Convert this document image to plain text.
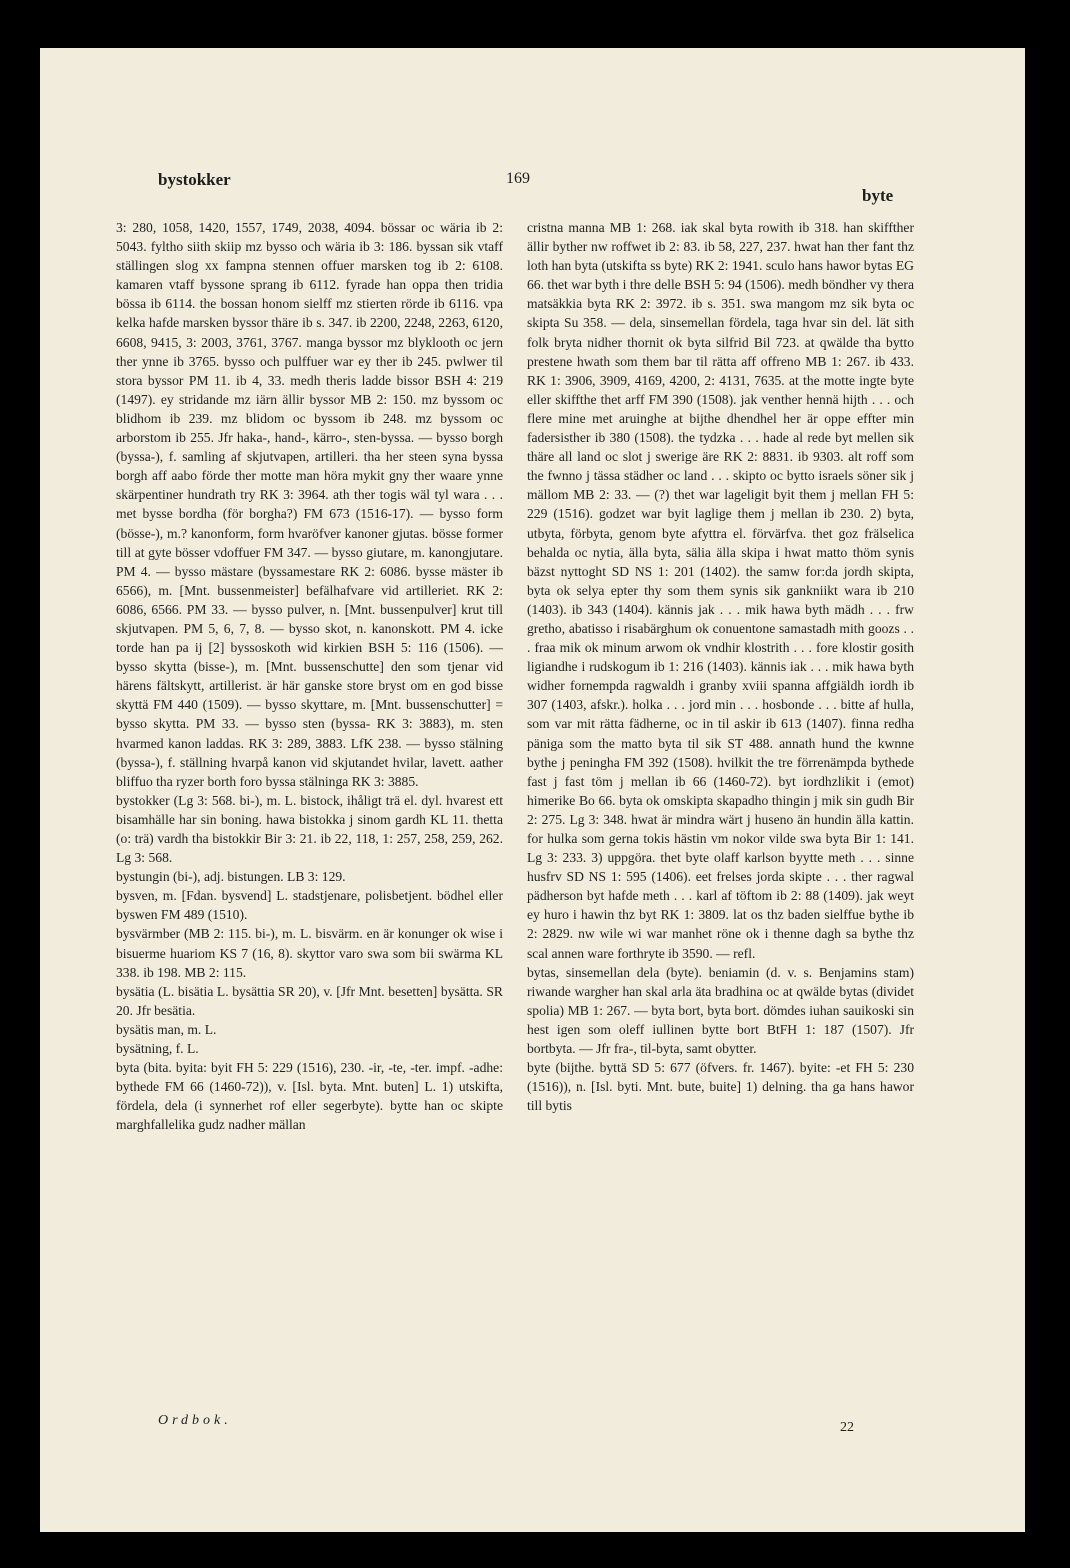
bystokker	169
byte

3: 280, 1058, 1420, 1557, 1749, 2038, 4094. bössar oc wäria ib 2: 5043. fyltho siith skiip mz bysso och wäria ib 3: 186. byssan sik vtaff ställingen slog xx fampna stennen offuer marsken tog ib 2: 6108. kamaren vtaff byssone sprang ib 6112. fyrade han oppa then tridia bössa ib 6114. the bossan honom sielff mz stierten rörde ib 6116. vpa kelka hafde marsken byssor thäre ib s. 347. ib 2200, 2248, 2263, 6120, 6608, 9415, 3: 2003, 3761, 3767. manga byssor mz blyklooth oc jern ther ynne ib 3765. bysso och pulffuer war ey ther ib 245. pwlwer til stora byssor PM 11. ib 4, 33. medh theris ladde bissor BSH 4: 219 (1497). ey stridande mz iärn ällir byssor MB 2: 150. mz byssom oc blidhom ib 239. mz blidom oc byssom ib 248. mz byssom oc arborstom ib 255. Jfr haka-, hand-, kärro-, sten-byssa. — bysso borgh (byssa-), f. samling af skjutvapen, artilleri. tha her steen syna byssa borgh aff aabo förde ther motte man höra mykit gny ther waare ynne skärpentiner hundrath try RK 3: 3964. ath ther togis wäl tyl wara . . . met bysse bordha (för borgha?) FM 673 (1516-17). — bysso form (bösse-), m.? kanonform, form hvaröfver kanoner gjutas. bösse former till at gyte bösser vdoffuer FM 347. — bysso giutare, m. kanongjutare. PM 4. — bysso mästare (byssamestare RK 2: 6086. bysse mäster ib 6566), m. [Mnt. bussenmeister] befälhafvare vid artilleriet. RK 2: 6086, 6566. PM 33. — bysso pulver, n. [Mnt. bussenpulver] krut till skjutvapen. PM 5, 6, 7, 8. — bysso skot, n. kanonskott. PM 4. icke torde han pa ij [2] byssoskoth wid kirkien BSH 5: 116 (1506). — bysso skytta (bisse-), m. [Mnt. bussenschutte] den som tjenar vid härens fältskytt, artillerist. är här ganske store bryst om en god bisse skyttä FM 440 (1509). — bysso skyttare, m. [Mnt. bussenschutter] = bysso skytta. PM 33. — bysso sten (byssa- RK 3: 3883), m. sten hvarmed kanon laddas. RK 3: 289, 3883. LfK 238. — bysso stälning (byssa-), f. ställning hvarpå kanon vid skjutandet hvilar, lavett. aather bliffuo tha ryzer borth foro byssa stälninga RK 3: 3885.

bystokker (Lg 3: 568. bi-), m. L. bistock, ihåligt trä el. dyl. hvarest ett bisamhälle har sin boning. hawa bistokka j sinom gardh KL 11. thetta (o: trä) vardh tha bistokkir Bir 3: 21. ib 22, 118, 1: 257, 258, 259, 262. Lg 3: 568.

bystungin (bi-), adj. bistungen. LB 3: 129.

bysven, m. [Fdan. bysvend] L. stadstjenare, polisbetjent. bödhel eller byswen FM 489 (1510).

bysvärmber (MB 2: 115. bi-), m. L. bisvärm. en är konunger ok wise i bisuerme huariom KS 7 (16, 8). skyttor varo swa som bii swärma KL 338. ib 198. MB 2: 115.

bysätia (L. bisätia L. bysättia SR 20), v. [Jfr Mnt. besetten] bysätta. SR 20. Jfr besätia.

bysätis man, m. L.

bysätning, f. L.

byta (bita. byita: byit FH 5: 229 (1516), 230. -ir, -te, -ter. impf. -adhe: bythede FM 66 (1460-72)), v. [Isl. byta. Mnt. buten] L. 1) utskifta, fördela, dela (i synnerhet rof eller segerbyte). bytte han oc skipte marghfallelika gudz nadher mällan

cristna manna MB 1: 268. iak skal byta rowith ib 318. han skiffther ällir byther nw roffwet ib 2: 83. ib 58, 227, 237. hwat han ther fant thz loth han byta (utskifta ss byte) RK 2: 1941. sculo hans hawor bytas EG 66. thet war byth i thre delle BSH 5: 94 (1506). medh böndher vy thera matsäkkia byta RK 2: 3972. ib s. 351. swa mangom mz sik byta oc skipta Su 358. — dela, sinsemellan fördela, taga hvar sin del. lät sith folk bryta nidher thornit ok byta silfrid Bil 723. at qwälde tha bytto prestene hwath som them bar til rätta aff offreno MB 1: 267. ib 433. RK 1: 3906, 3909, 4169, 4200, 2: 4131, 7635. at the motte ingte byte eller skiffthe thet arff FM 390 (1508). jak venther hennä hijth . . . och flere mine met aruinghe at bijthe dhendhel her är oppe effter min fadersisther ib 380 (1508). the tydzka . . . hade al rede byt mellen sik thäre all land oc slot j swerige äre RK 2: 8831. ib 9303. alt roff som the fwnno j tässa städher oc land . . . skipto oc bytto israels söner sik j mällom MB 2: 33. — (?) thet war lageligit byit them j mellan FH 5: 229 (1516). godzet war byit laglige them j mellan ib 230. 2) byta, utbyta, förbyta, genom byte afyttra el. förvärfva. thet goz frälselica behalda oc nytia, älla byta, sälia älla skipa i hwat matto thöm synis bäzst nyttoght SD NS 1: 201 (1402). the samw for:da jordh skipta, byta ok selya epter thy som them synis sik gankniikt wara ib 210 (1403). ib 343 (1404). kännis jak . . . mik hawa byth mädh . . . frw gretho, abatisso i risabärghum ok conuentone samastadh mith goozs . . . fraa mik ok minum arwom ok vndhir klostrith . . . fore klostir gosith ligiandhe i rudskogum ib 1: 216 (1403). kännis iak . . . mik hawa byth widher fornempda ragwaldh i granby xviii spanna affgiäldh iordh ib 307 (1403, afskr.). holka . . . jord min . . . hosbonde . . . bitte af hulla, som var mit rätta fädherne, oc in til askir ib 613 (1407). finna redha päniga som the matto byta til sik ST 488. annath hund the kwnne bythe j peningha FM 392 (1508). hvilkit the tre förrenämpda bythede fast j fast töm j mellan ib 66 (1460-72). byt iordhzlikit i (emot) himerike Bo 66. byta ok omskipta skapadho thingin j mik sin gudh Bir 2: 275. Lg 3: 348. hwat är mindra wärt j huseno än hundin älla kattin. for hulka som gerna tokis hästin vm nokor vilde swa byta Bir 1: 141. Lg 3: 233. 3) uppgöra. thet byte olaff karlson byytte meth . . . sinne husfrv SD NS 1: 595 (1406). eet frelses jorda skipte . . . ther ragwal pädherson byt hafde meth . . . karl af töftom ib 2: 88 (1409). jak weyt ey huro i hawin thz byt RK 1: 3809. lat os thz baden sielffue bythe ib 2: 2829. nw wile wi war manhet röne ok i thenne dagh sa bythe thz scal annen ware forthryte ib 3590. — refl.

bytas, sinsemellan dela (byte). beniamin (d. v. s. Benjamins stam) riwande wargher han skal arla äta bradhina oc at qwälde bytas (dividet spolia) MB 1: 267. — byta bort, byta bort. dömdes iuhan sauikoski sin hest igen som oleff iullinen bytte bort BtFH 1: 187 (1507). Jfr bortbyta. — Jfr fra-, til-byta, samt obytter.

byte (bijthe. byttä SD 5: 677 (öfvers. fr. 1467). byite: -et FH 5: 230 (1516)), n. [Isl. byti. Mnt. bute, buite] 1) delning. tha ga hans hawor till bytis

Ordbok.	22
